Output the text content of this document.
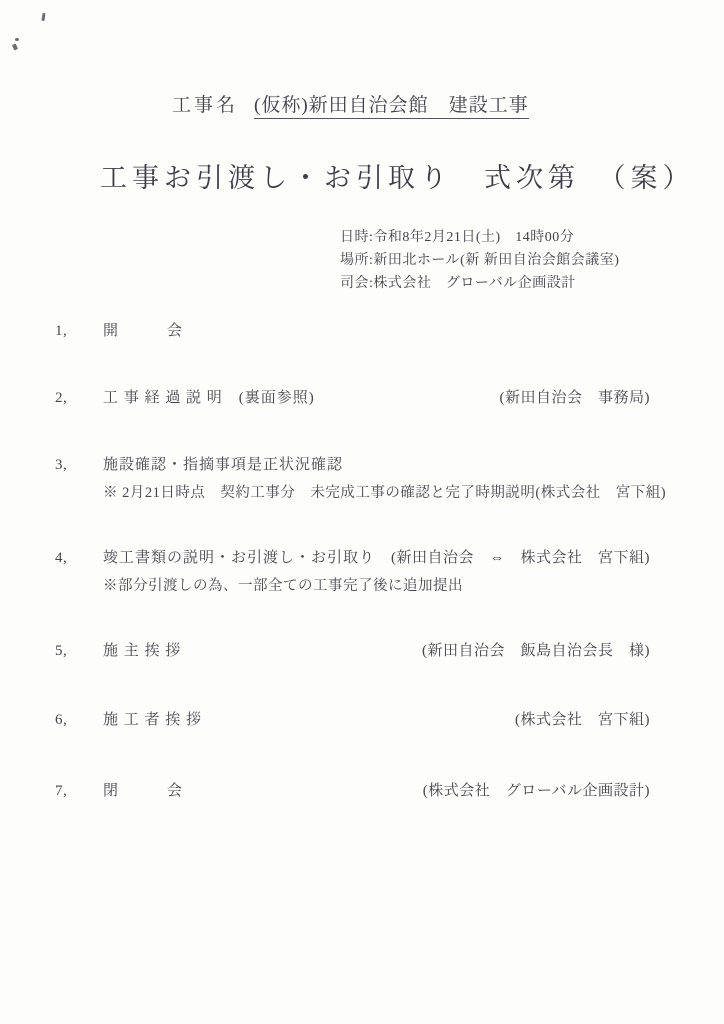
工事名 (仮称)新田自治会館　建設工事
工事お引渡し・お引取り　式次第　（案）
日時:令和8年2月21日(土)　14時00分
場所:新田北ホール(新 新田自治会館会議室)
司会:株式会社　グローバル企画設計
1,	開　　　会
2,	工 事 経 過 説 明　(裏面参照)	(新田自治会　事務局)
3,	施設確認・指摘事項是正状況確認
※ 2月21日時点　契約工事分　未完成工事の確認と完了時期説明 (株式会社　宮下組)
4,	竣工書類の説明・お引渡し・お引取り (新田自治会　⇔　株式会社　宮下組)
※部分引渡しの為、一部全ての工事完了後に追加提出
5,	施 主 挨 拶	(新田自治会　飯島自治会長　様)
6,	施 工 者 挨 拶	(株式会社　宮下組)
7,	閉　　　会	(株式会社　グローバル企画設計)
